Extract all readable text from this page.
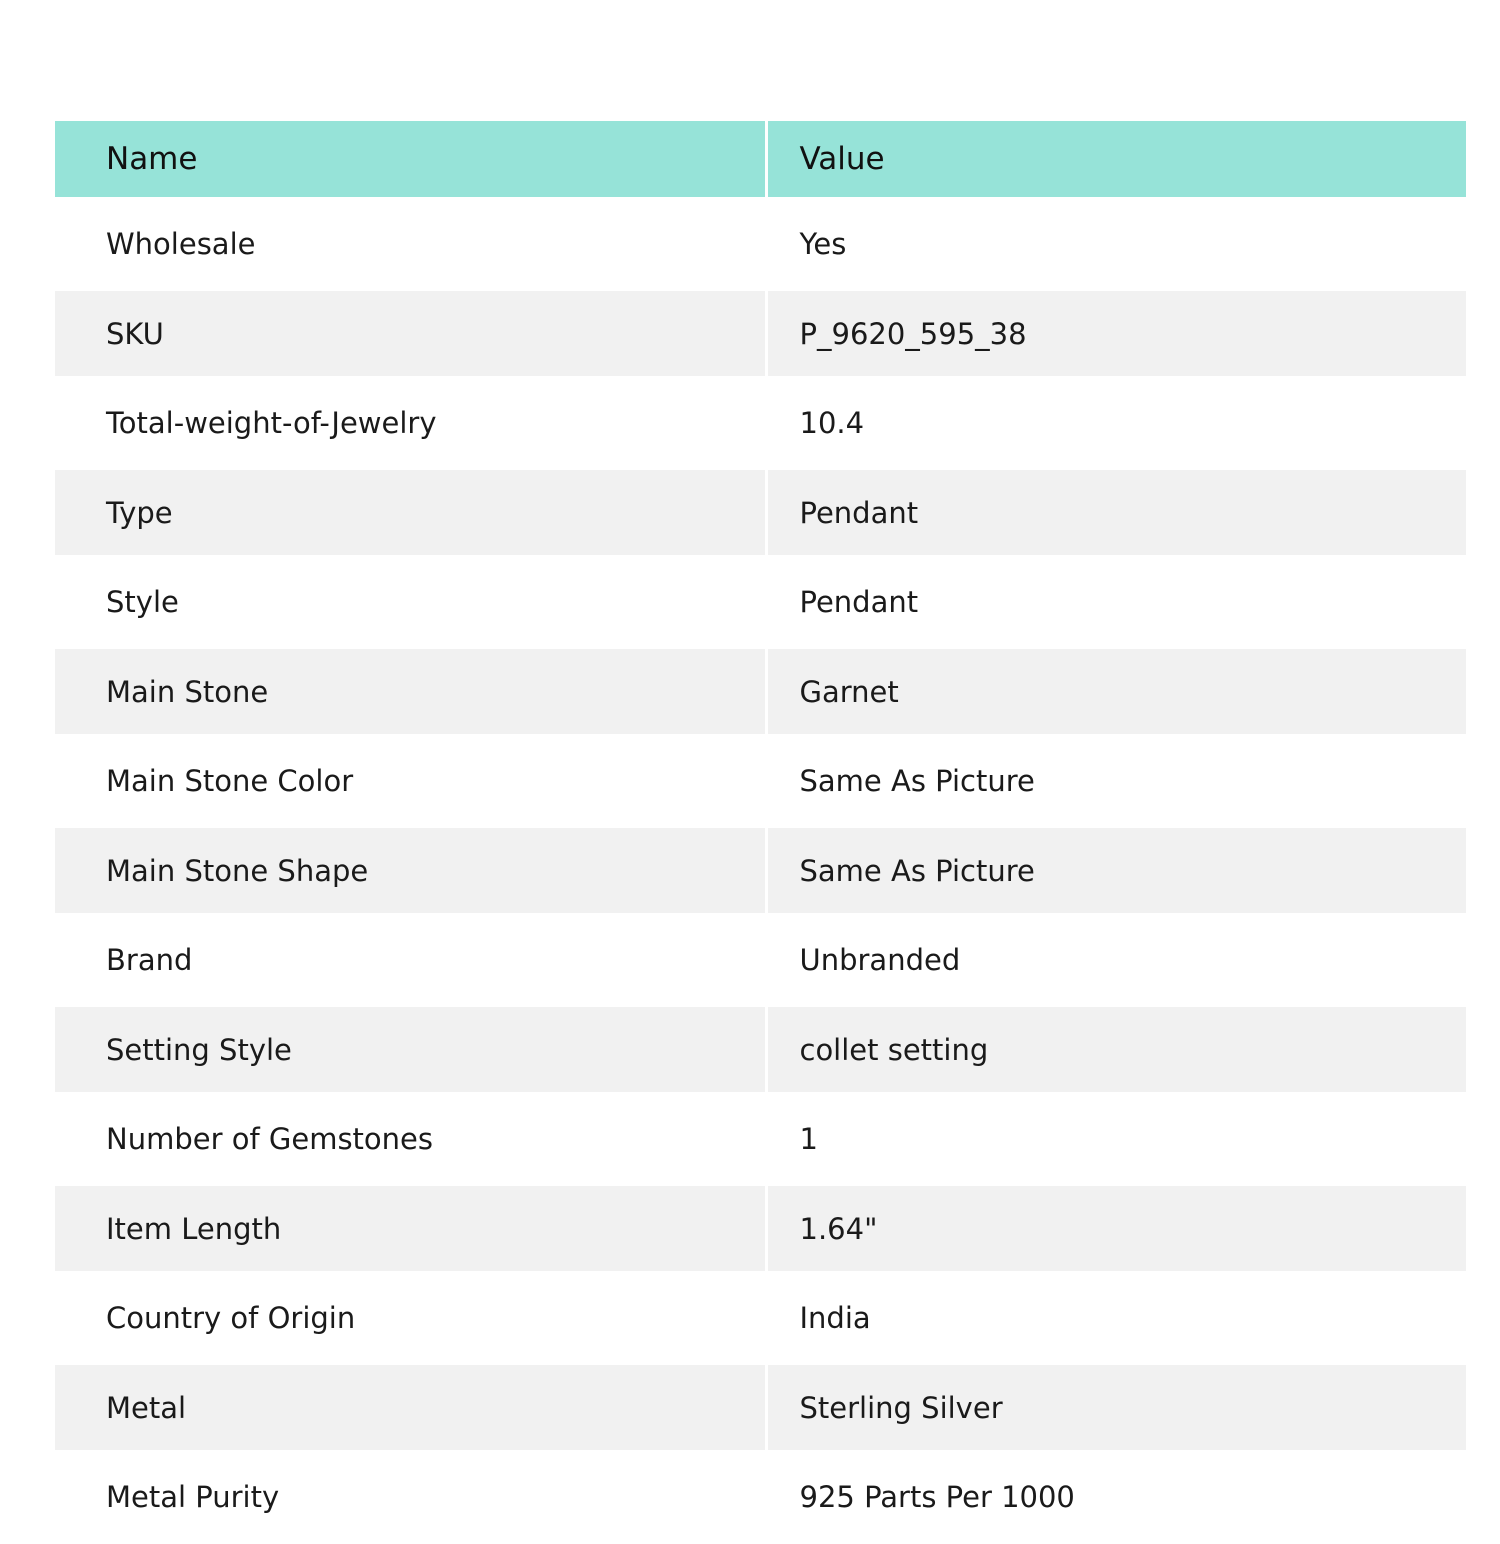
Name	Value
Wholesale	Yes
SKU	P_9620_595_38
Total-weight-of-Jewelry	10.4
Type	Pendant
Style	Pendant
Main Stone	Garnet
Main Stone Color	Same As Picture
Main Stone Shape	Same As Picture
Brand	Unbranded
Setting Style	collet setting
Number of Gemstones	1
Item Length	1.64"
Country of Origin	India
Metal	Sterling Silver
Metal Purity	925 Parts Per 1000
